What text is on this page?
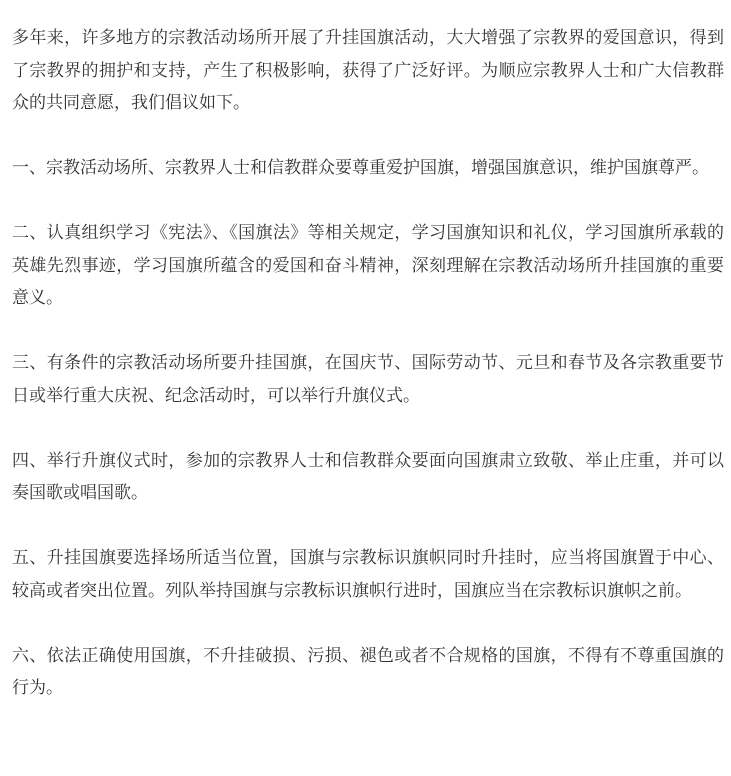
多年来，许多地方的宗教活动场所开展了升挂国旗活动，大大增强了宗教界的爱国意识，得到了宗教界的拥护和支持，产生了积极影响，获得了广泛好评。为顺应宗教界人士和广大信教群众的共同意愿，我们倡议如下。

一、宗教活动场所、宗教界人士和信教群众要尊重爱护国旗，增强国旗意识，维护国旗尊严。

二、认真组织学习《宪法》、《国旗法》等相关规定，学习国旗知识和礼仪，学习国旗所承载的英雄先烈事迹，学习国旗所蕴含的爱国和奋斗精神，深刻理解在宗教活动场所升挂国旗的重要意义。

三、有条件的宗教活动场所要升挂国旗，在国庆节、国际劳动节、元旦和春节及各宗教重要节日或举行重大庆祝、纪念活动时，可以举行升旗仪式。

四、举行升旗仪式时，参加的宗教界人士和信教群众要面向国旗肃立致敬、举止庄重，并可以奏国歌或唱国歌。

五、升挂国旗要选择场所适当位置，国旗与宗教标识旗帜同时升挂时，应当将国旗置于中心、较高或者突出位置。列队举持国旗与宗教标识旗帜行进时，国旗应当在宗教标识旗帜之前。

六、依法正确使用国旗，不升挂破损、污损、褪色或者不合规格的国旗，不得有不尊重国旗的行为。
